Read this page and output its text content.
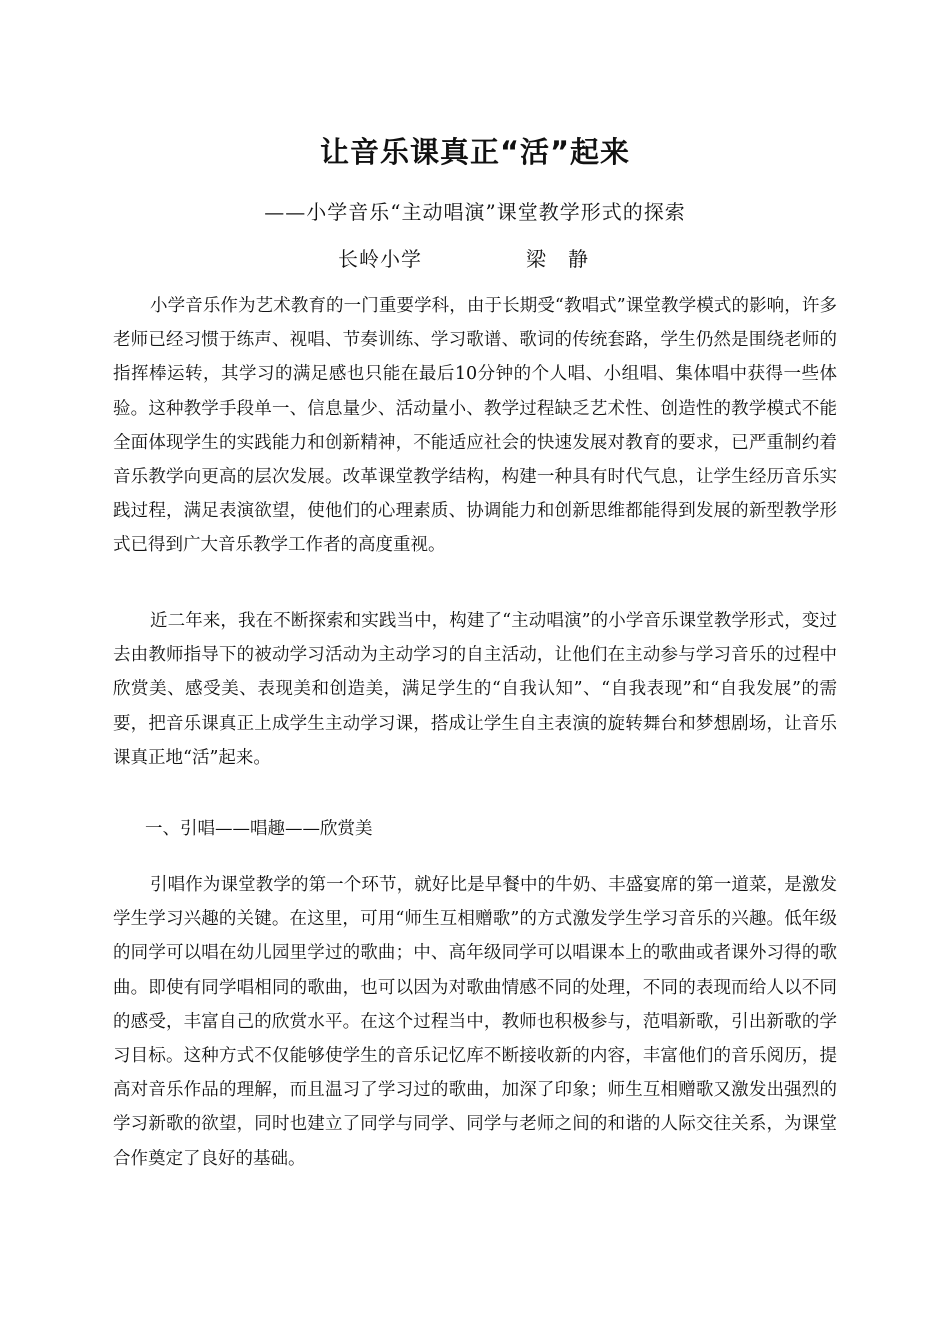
让音乐课真正“活”起来
——小学音乐“主动唱演”课堂教学形式的探索
长岭小学	梁静

小学音乐作为艺术教育的一门重要学科，由于长期受“教唱式”课堂教学模式的影响，许多老师已经习惯于练声、视唱、节奏训练、学习歌谱、歌词的传统套路，学生仍然是围绕老师的指挥棒运转，其学习的满足感也只能在最后10分钟的个人唱、小组唱、集体唱中获得一些体验。这种教学手段单一、信息量少、活动量小、教学过程缺乏艺术性、创造性的教学模式不能全面体现学生的实践能力和创新精神，不能适应社会的快速发展对教育的要求，已严重制约着音乐教学向更高的层次发展。改革课堂教学结构，构建一种具有时代气息，让学生经历音乐实践过程，满足表演欲望，使他们的心理素质、协调能力和创新思维都能得到发展的新型教学形式已得到广大音乐教学工作者的高度重视。

近二年来，我在不断探索和实践当中，构建了“主动唱演”的小学音乐课堂教学形式，变过去由教师指导下的被动学习活动为主动学习的自主活动，让他们在主动参与学习音乐的过程中欣赏美、感受美、表现美和创造美，满足学生的“自我认知”、“自我表现”和“自我发展”的需要，把音乐课真正上成学生主动学习课，搭成让学生自主表演的旋转舞台和梦想剧场，让音乐课真正地“活”起来。

一、引唱——唱趣——欣赏美

引唱作为课堂教学的第一个环节，就好比是早餐中的牛奶、丰盛宴席的第一道菜，是激发学生学习兴趣的关键。在这里，可用“师生互相赠歌”的方式激发学生学习音乐的兴趣。低年级的同学可以唱在幼儿园里学过的歌曲；中、高年级同学可以唱课本上的歌曲或者课外习得的歌曲。即使有同学唱相同的歌曲，也可以因为对歌曲情感不同的处理，不同的表现而给人以不同的感受，丰富自己的欣赏水平。在这个过程当中，教师也积极参与，范唱新歌，引出新歌的学习目标。这种方式不仅能够使学生的音乐记忆库不断接收新的内容，丰富他们的音乐阅历，提高对音乐作品的理解，而且温习了学习过的歌曲，加深了印象；师生互相赠歌又激发出强烈的学习新歌的欲望，同时也建立了同学与同学、同学与老师之间的和谐的人际交往关系，为课堂合作奠定了良好的基础。
